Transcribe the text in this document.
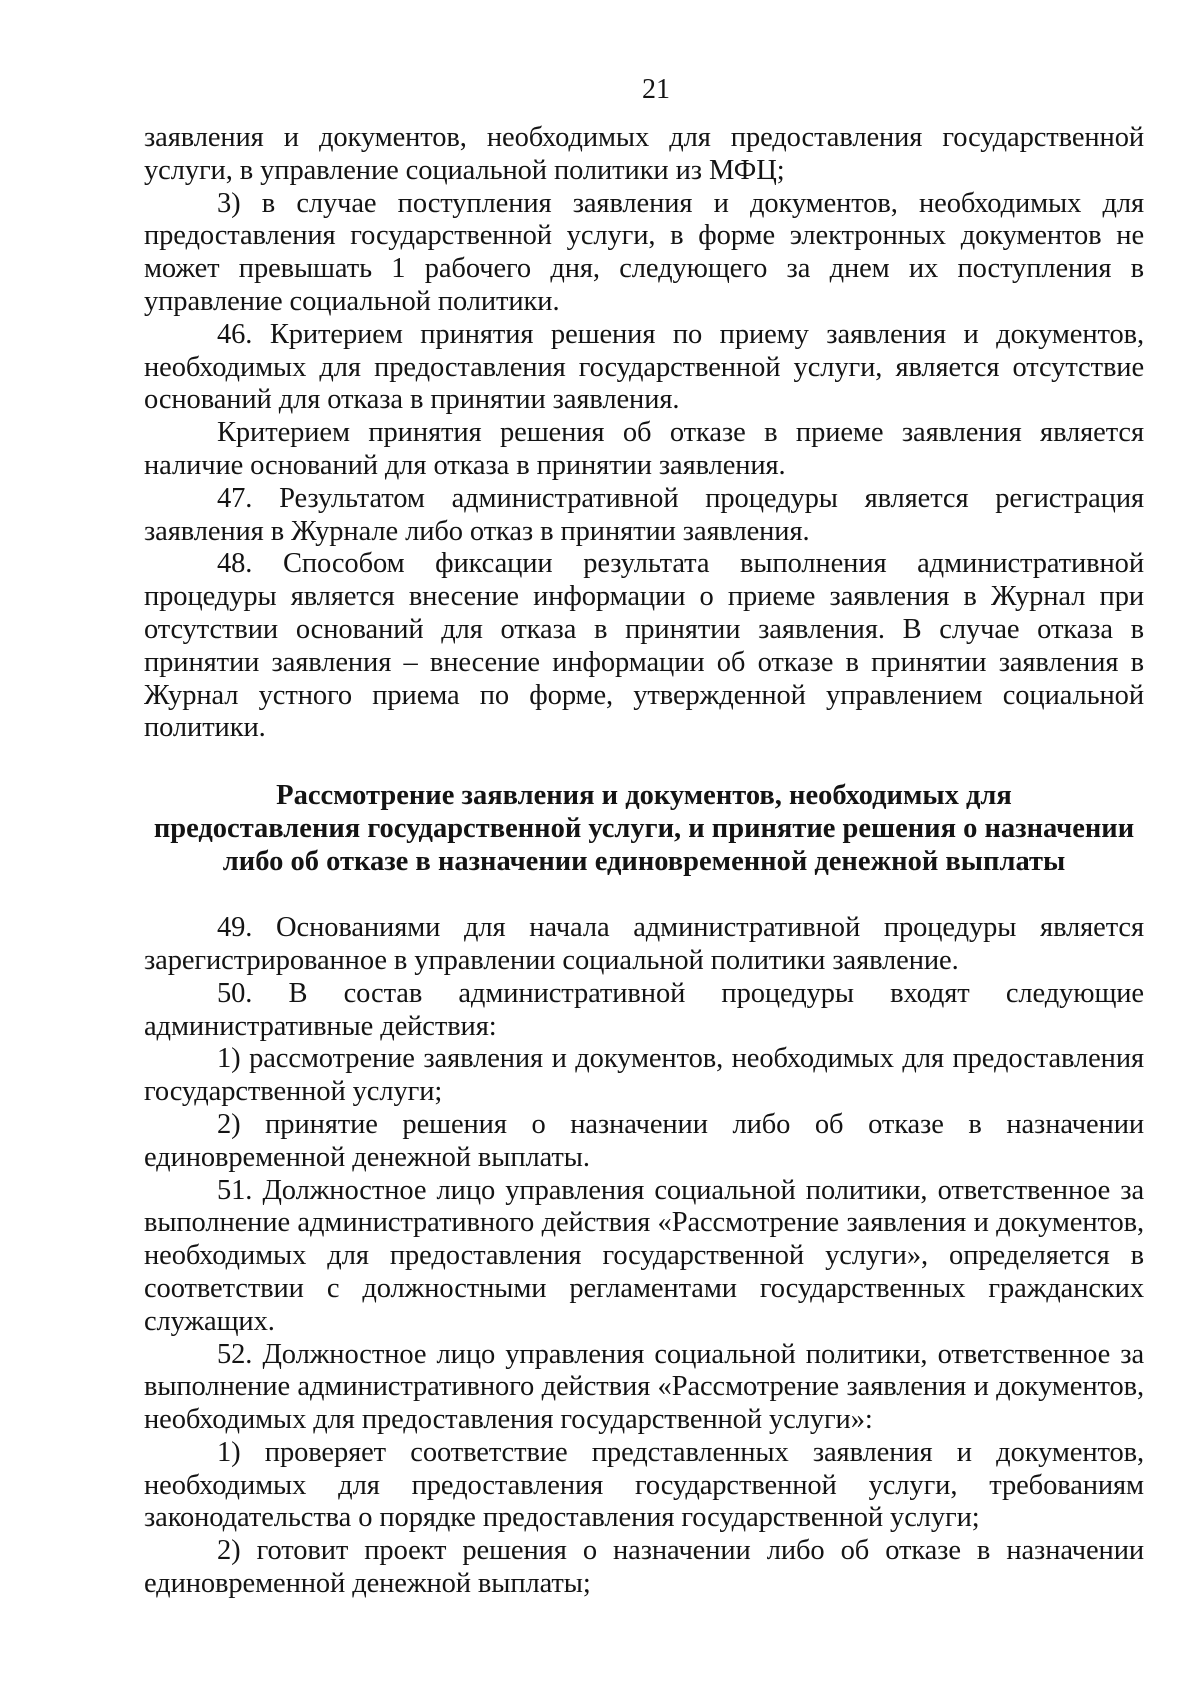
21

заявления и документов, необходимых для предоставления государственной услуги, в управление социальной политики из МФЦ;

3) в случае поступления заявления и документов, необходимых для предоставления государственной услуги, в форме электронных документов не может превышать 1 рабочего дня, следующего за днем их поступления в управление социальной политики.

46. Критерием принятия решения по приему заявления и документов, необходимых для предоставления государственной услуги, является отсутствие оснований для отказа в принятии заявления.

Критерием принятия решения об отказе в приеме заявления является наличие оснований для отказа в принятии заявления.

47. Результатом административной процедуры является регистрация заявления в Журнале либо отказ в принятии заявления.

48. Способом фиксации результата выполнения административной процедуры является внесение информации о приеме заявления в Журнал при отсутствии оснований для отказа в принятии заявления. В случае отказа в принятии заявления – внесение информации об отказе в принятии заявления в Журнал устного приема по форме, утвержденной управлением социальной политики.

Рассмотрение заявления и документов, необходимых для
предоставления государственной услуги, и принятие решения о назначении
либо об отказе в назначении единовременной денежной выплаты

49. Основаниями для начала административной процедуры является зарегистрированное в управлении социальной политики заявление.

50. В состав административной процедуры входят следующие административные действия:

1) рассмотрение заявления и документов, необходимых для предоставления государственной услуги;

2) принятие решения о назначении либо об отказе в назначении единовременной денежной выплаты.

51. Должностное лицо управления социальной политики, ответственное за выполнение административного действия «Рассмотрение заявления и документов, необходимых для предоставления государственной услуги», определяется в соответствии с должностными регламентами государственных гражданских служащих.

52. Должностное лицо управления социальной политики, ответственное за выполнение административного действия «Рассмотрение заявления и документов, необходимых для предоставления государственной услуги»:

1) проверяет соответствие представленных заявления и документов, необходимых для предоставления государственной услуги, требованиям законодательства о порядке предоставления государственной услуги;

2) готовит проект решения о назначении либо об отказе в назначении единовременной денежной выплаты;
